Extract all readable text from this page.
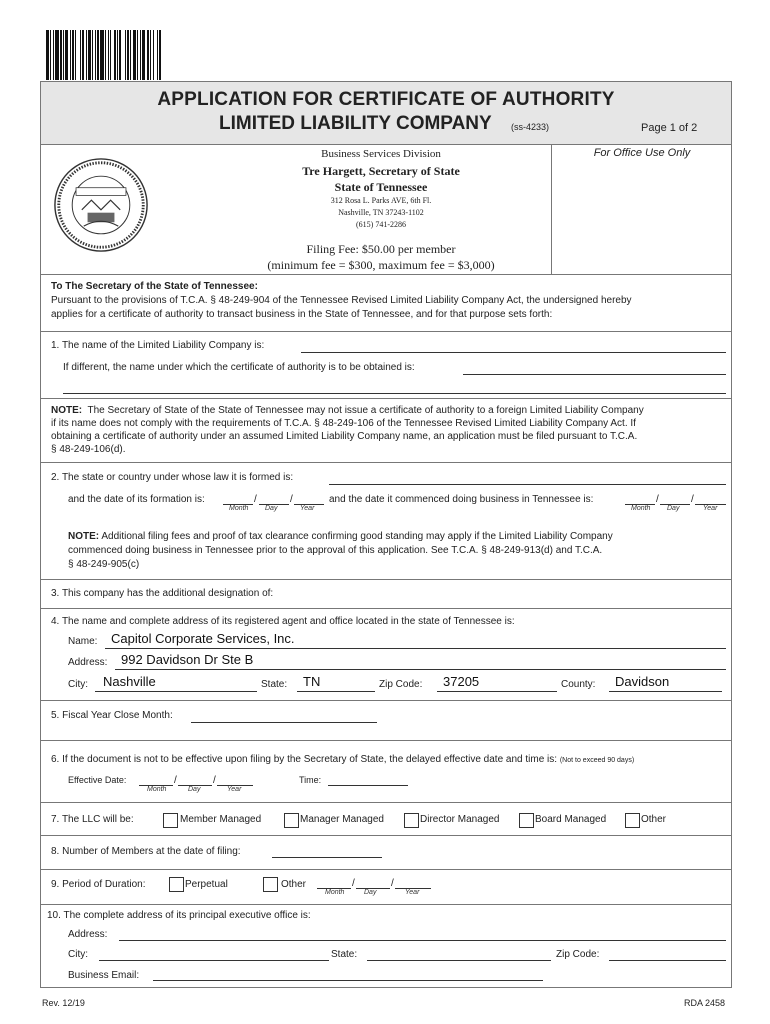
APPLICATION FOR CERTIFICATE OF AUTHORITY
LIMITED LIABILITY COMPANY (ss-4233)	Page 1 of 2
For Office Use Only
Business Services Division
Tre Hargett, Secretary of State
State of Tennessee
312 Rosa L. Parks AVE, 6th Fl.
Nashville, TN 37243-1102
(615) 741-2286
Filing Fee: $50.00 per member
(minimum fee = $300, maximum fee = $3,000)
To The Secretary of the State of Tennessee:
Pursuant to the provisions of T.C.A. § 48-249-904 of the Tennessee Revised Limited Liability Company Act, the undersigned hereby
applies for a certificate of authority to transact business in the State of Tennessee, and for that purpose sets forth:
1. The name of the Limited Liability Company is:
If different, the name under which the certificate of authority is to be obtained is:
NOTE: The Secretary of State of the State of Tennessee may not issue a certificate of authority to a foreign Limited Liability Company
if its name does not comply with the requirements of T.C.A. § 48-249-106 of the Tennessee Revised Limited Liability Company Act. If
obtaining a certificate of authority under an assumed Limited Liability Company name, an application must be filed pursuant to T.C.A.
§ 48-249-106(d).
2. The state or country under whose law it is formed is:
and the date of its formation is:	/	/
Month Day	Year
and the date it commenced doing business in Tennessee is:	/	/
Month Day	Year
NOTE: Additional filing fees and proof of tax clearance confirming good standing may apply if the Limited Liability Company
commenced doing business in Tennessee prior to the approval of this application. See T.C.A. § 48-249-913(d) and T.C.A.
§ 48-249-905(c)
3. This company has the additional designation of:
4. The name and complete address of its registered agent and office located in the state of Tennessee is:
Name: Capitol Corporate Services, Inc.
Address: 992 Davidson Dr Ste B
City: Nashville	State: TN	Zip Code: 37205	County: Davidson
5. Fiscal Year Close Month:
6. If the document is not to be effective upon filing by the Secretary of State, the delayed effective date and time is: (Not to exceed 90 days)
Effective Date:	/	/
Month	Day	Year
Time:
7. The LLC will be:	Member Managed	Manager Managed	Director Managed	Board Managed	Other
8. Number of Members at the date of filing:
9. Period of Duration:	Perpetual	Other	/	/
Month	Day	Year
10. The complete address of its principal executive office is:
Address:
City:	State:	Zip Code:
Business Email:
Rev. 12/19	RDA 2458
